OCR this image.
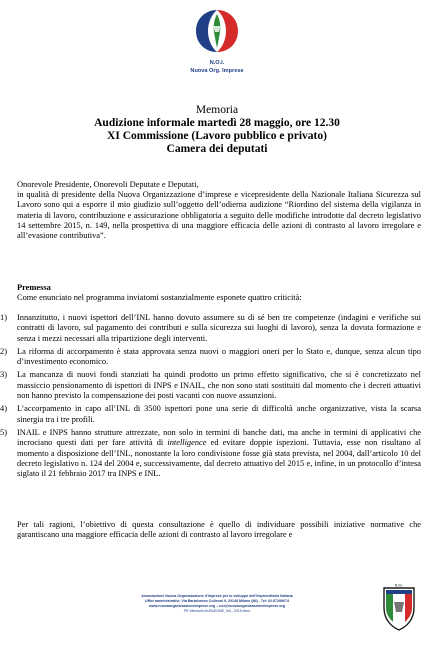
N.O.I.
Nuova Org. Imprese
Memoria
Audizione informale martedì 28 maggio, ore 12.30
XI Commissione (Lavoro pubblico e privato)
Camera dei deputati
Onorevole Presidente, Onorevoli Deputate e Deputati,
in qualità di presidente della Nuova Organizzazione d’imprese e vicepresidente della Nazionale Italiana Sicurezza sul Lavoro sono qui a esporre il mio giudizio sull’oggetto dell’odierna audizione “Riordino del sistema della vigilanza in materia di lavoro, contribuzione e assicurazione obbligatoria a seguito delle modifiche introdotte dal decreto legislativo 14 settembre 2015, n. 149, nella prospettiva di una maggiore efficacia delle azioni di contrasto al lavoro irregolare e all’evasione contributiva”.
Premessa
Come enunciato nel programma inviatomi sostanzialmente esponete quattro criticità:
1) Innanzitutto, i nuovi ispettori dell’INL hanno dovuto assumere su di sé ben tre competenze (indagini e verifiche sui contratti di lavoro, sul pagamento dei contributi e sulla sicurezza sui luoghi di lavoro), senza la dovuta formazione e senza i mezzi necessari alla tripartizione degli interventi.
2) La riforma di accorpamento è stata approvata senza nuovi o maggiori oneri per lo Stato e, dunque, senza alcun tipo d’investimento economico.
3) La mancanza di nuovi fondi stanziati ha quindi prodotto un primo effetto significativo, che si è concretizzato nel massiccio pensionamento di ispettori di INPS e INAIL, che non sono stati sostituiti dal momento che i decreti attuativi non hanno previsto la compensazione dei posti vacanti con nuove assunzioni.
4) L’accorpamento in capo all’INL di 3500 ispettori pone una serie di difficoltà anche organizzative, vista la scarsa sinergia tra i tre profili.
5) INAIL e INPS hanno strutture attrezzate, non solo in termini di banche dati, ma anche in termini di applicativi che incrociano questi dati per fare attività di intelligence ed evitare doppie ispezioni. Tuttavia, esse non risultano al momento a disposizione dell’INL, nonostante la loro condivisione fosse già stata prevista, nel 2004, dall’articolo 10 del decreto legislativo n. 124 del 2004 e, successivamente, dal decreto attuativo del 2015 e, infine, in un protocollo d’intesa siglato il 21 febbraio 2017 tra INPS e INL.
Per tali ragioni, l’obiettivo di questa consultazione è quello di individuare possibili iniziative normative che garantiscano una maggiore efficacia delle azioni di contrasto al lavoro irregolare e
Associazione Nuova Organizzazione d’Imprese per lo sviluppo dell’Imprenditoria Italiana
Uffici amministrativi: Via Bartolomeo Colleoni 9, 20148 Milano (MI) - Tel: 02.87289674
www.nuovaorganizzazioneimprese.org – noi@nuovaorganizzazioneimprese.org
PE Memoria AUDIZIONE_INL_2019.docx
N.O.I.
